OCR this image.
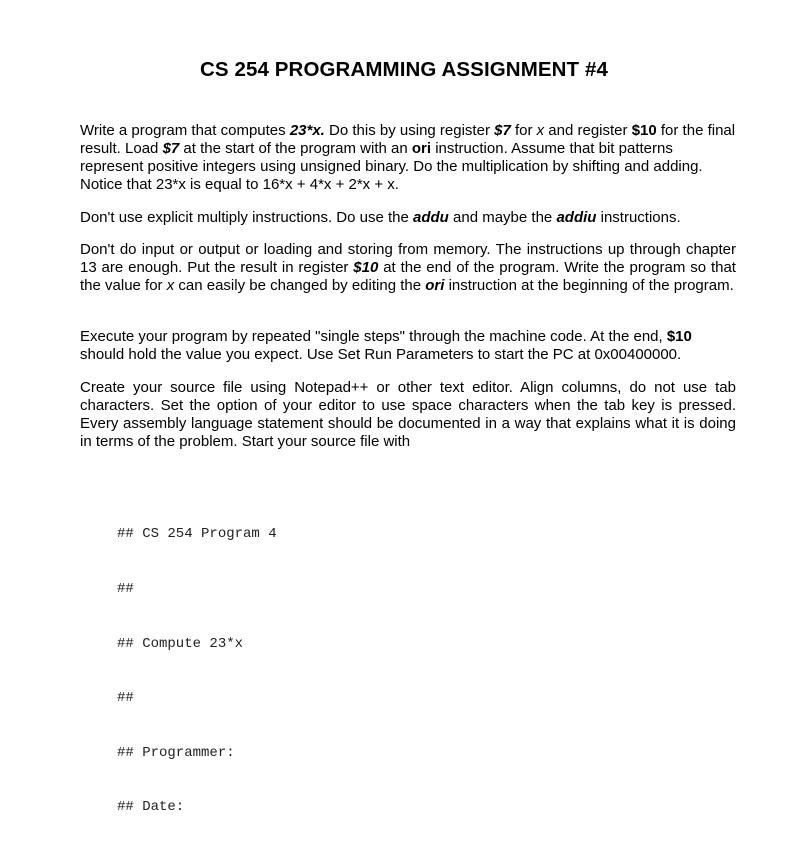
CS 254 PROGRAMMING ASSIGNMENT #4

Write a program that computes 23*x. Do this by using register $7 for x and register $10 for the final result. Load $7 at the start of the program with an ori instruction. Assume that bit patterns represent positive integers using unsigned binary. Do the multiplication by shifting and adding. Notice that 23*x is equal to 16*x + 4*x + 2*x + x.

Don't use explicit multiply instructions. Do use the addu and maybe the addiu instructions.

Don't do input or output or loading and storing from memory. The instructions up through chapter 13 are enough. Put the result in register $10 at the end of the program. Write the program so that the value for x can easily be changed by editing the ori instruction at the beginning of the program.

Execute your program by repeated "single steps" through the machine code. At the end, $10 should hold the value you expect. Use Set Run Parameters to start the PC at 0x00400000.

Create your source file using Notepad++ or other text editor. Align columns, do not use tab characters. Set the option of your editor to use space characters when the tab key is pressed. Every assembly language statement should be documented in a way that explains what it is doing in terms of the problem. Start your source file with

## CS 254 Program 4

##

## Compute 23*x

##

## Programmer:

## Date:
